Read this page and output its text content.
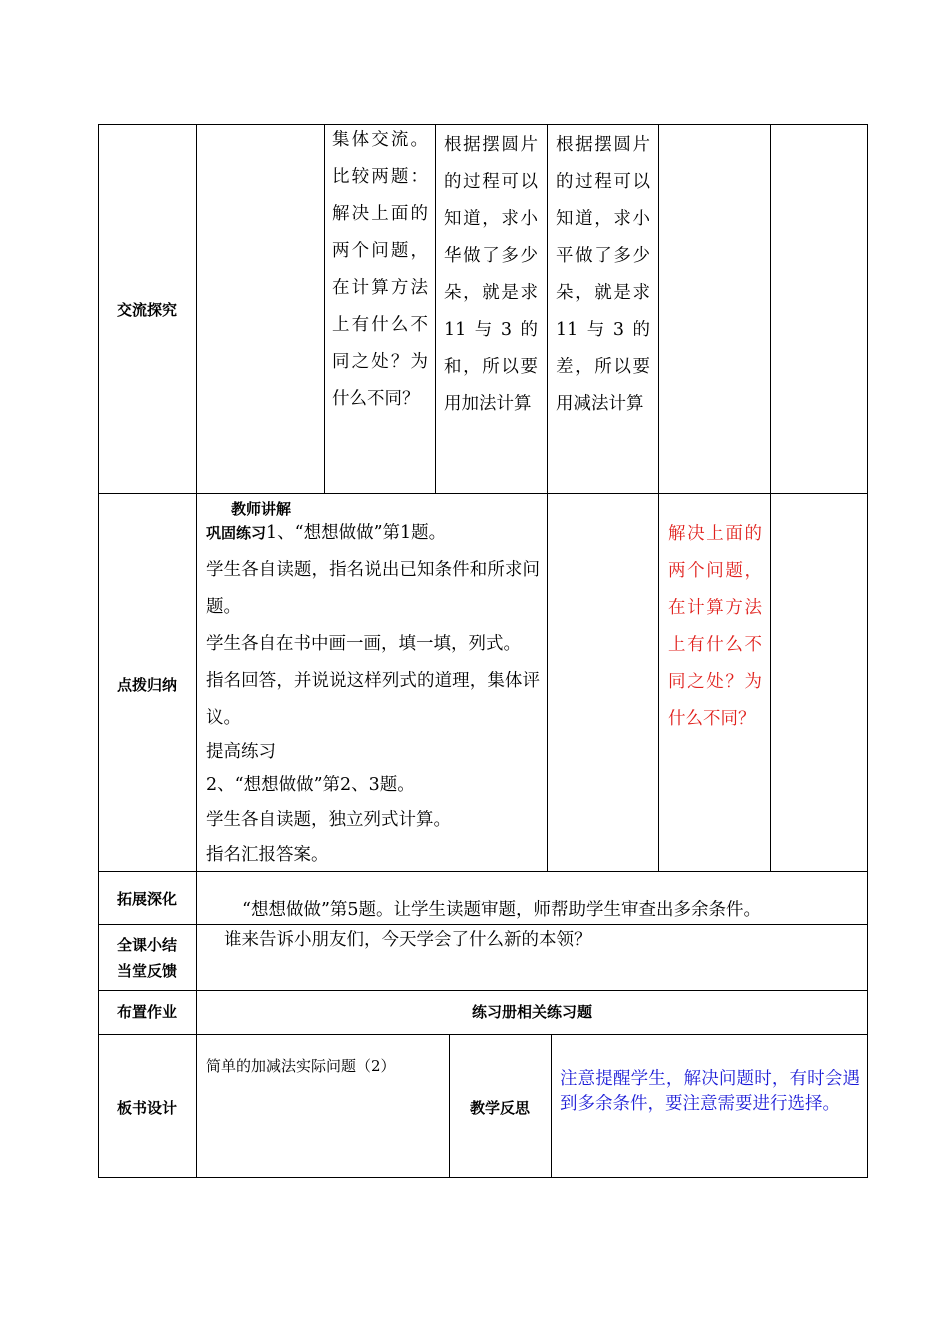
交流探究
集体交流。比较两题：解决上面的两个问题，在计算方法上有什么不同之处？为什么不同？
根据摆圆片的过程可以知道，求小华做了多少朵，就是求11与3的和，所以要用加法计算
根据摆圆片的过程可以知道，求小平做了多少朵，就是求11与3的差，所以要用减法计算
点拨归纳
教师讲解

巩固练习1、“想想做做”第1题。

学生各自读题，指名说出已知条件和所求问题。

学生各自在书中画一画，填一填，列式。

指名回答，并说说这样列式的道理，集体评议。

提高练习

2、“想想做做”第2、3题。

学生各自读题，独立列式计算。

指名汇报答案。

解决上面的两个问题，在计算方法上有什么不同之处？为什么不同？
拓展深化
“想想做做”第5题。让学生读题审题，师帮助学生审查出多余条件。
全课小结
当堂反馈
谁来告诉小朋友们，今天学会了什么新的本领？
布置作业	练习册相关练习题
板书设计
简单的加减法实际问题（2）
教学反思
注意提醒学生，解决问题时，有时会遇到多余条件，要注意需要进行选择。
